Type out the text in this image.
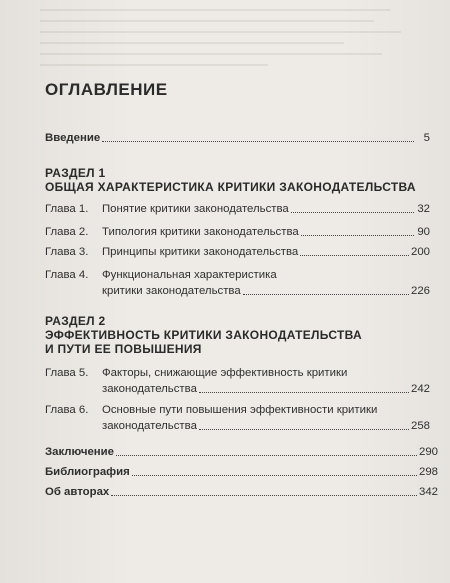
ОГЛАВЛЕНИЕ
Введение	5
РАЗДЕЛ 1
ОБЩАЯ ХАРАКТЕРИСТИКА КРИТИКИ ЗАКОНОДАТЕЛЬСТВА
Глава 1.	Понятие критики законодательства	32
Глава 2.	Типология критики законодательства	90
Глава 3.	Принципы критики законодательства	200
Глава 4.	Функциональная характеристика
критики законодательства	226
РАЗДЕЛ 2
ЭФФЕКТИВНОСТЬ КРИТИКИ ЗАКОНОДАТЕЛЬСТВА
И ПУТИ ЕЕ ПОВЫШЕНИЯ
Глава 5.	Факторы, снижающие эффективность критики
законодательства	242
Глава 6.	Основные пути повышения эффективности критики
законодательства	258
Заключение	290
Библиография	298
Об авторах	342
